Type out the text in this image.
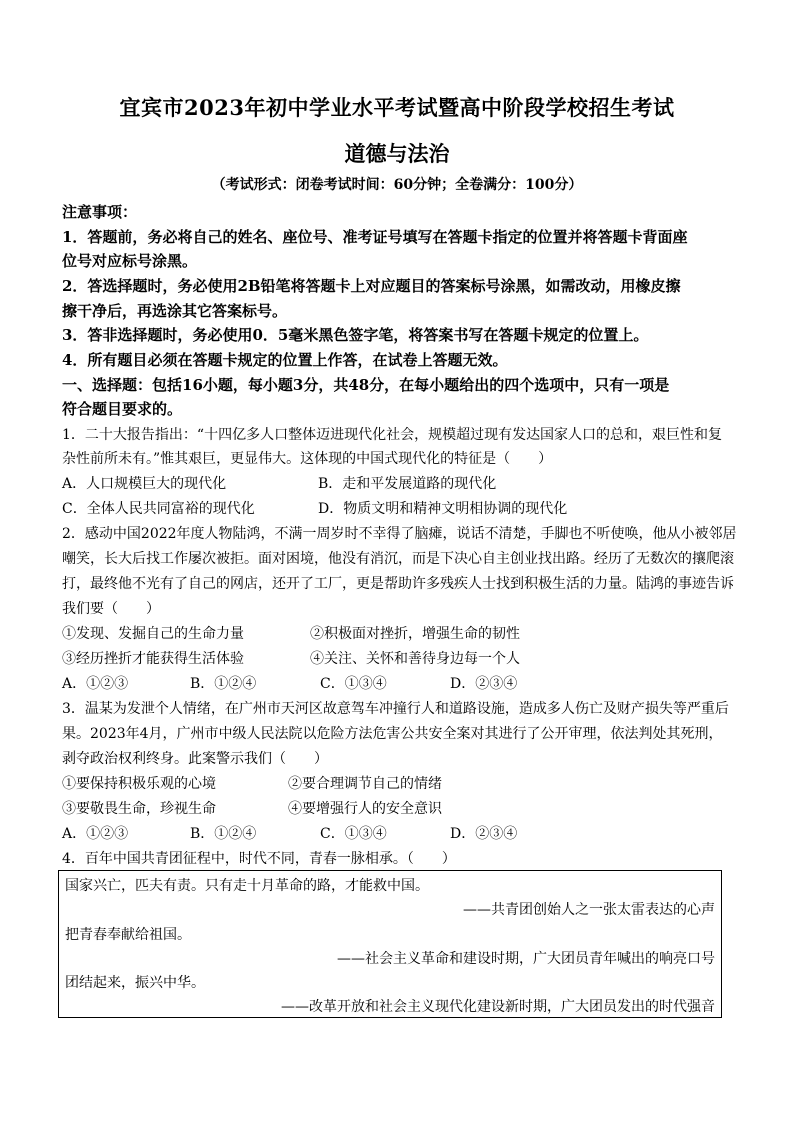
宜宾市2023年初中学业水平考试暨高中阶段学校招生考试
道德与法治
（考试形式：闭卷考试时间：60分钟；全卷满分：100分）
注意事项：
1．答题前，务必将自己的姓名、座位号、准考证号填写在答题卡指定的位置并将答题卡背面座
位号对应标号涂黑。
2．答选择题时，务必使用2B铅笔将答题卡上对应题目的答案标号涂黑，如需改动，用橡皮擦
擦干净后，再选涂其它答案标号。
3．答非选择题时，务必使用0．5毫米黑色签字笔，将答案书写在答题卡规定的位置上。
4．所有题目必须在答题卡规定的位置上作答，在试卷上答题无效。
一、选择题：包括16小题，每小题3分，共48分，在每小题给出的四个选项中，只有一项是
符合题目要求的。
1．二十大报告指出：“十四亿多人口整体迈进现代化社会，规模超过现有发达国家人口的总和，艰巨性和复
杂性前所未有。”惟其艰巨，更显伟大。这体现的中国式现代化的特征是（　　）
A．人口规模巨大的现代化	B．走和平发展道路的现代化
C．全体人民共同富裕的现代化	D．物质文明和精神文明相协调的现代化
2．感动中国2022年度人物陆鸿，不满一周岁时不幸得了脑瘫，说话不清楚，手脚也不听使唤，他从小被邻居
嘲笑，长大后找工作屡次被拒。面对困境，他没有消沉，而是下决心自主创业找出路。经历了无数次的攘爬滚
打，最终他不光有了自己的网店，还开了工厂，更是帮助许多残疾人士找到积极生活的力量。陆鸿的事迹告诉
我们要（　　）
①发现、发掘自己的生命力量	②积极面对挫折，增强生命的韧性
③经历挫折才能获得生活体验	④关注、关怀和善待身边每一个人
A．①②③	B．①②④	C．①③④	D．②③④
3．温某为发泄个人情绪，在广州市天河区故意驾车冲撞行人和道路设施，造成多人伤亡及财产损失等严重后
果。2023年4月，广州市中级人民法院以危险方法危害公共安全案对其进行了公开审理，依法判处其死刑，
剥夺政治权利终身。此案警示我们（　　）
①要保持积极乐观的心境	②要合理调节自己的情绪
③要敬畏生命，珍视生命	④要增强行人的安全意识
A．①②③	B．①②④	C．①③④	D．②③④
4．百年中国共青团征程中，时代不同，青春一脉相承。（　　）
国家兴亡，匹夫有责。只有走十月革命的路，才能救中国。
——共青团创始人之一张太雷表达的心声
把青春奉献给祖国。
——社会主义革命和建设时期，广大团员青年喊出的响亮口号
团结起来，振兴中华。
——改革开放和社会主义现代化建设新时期，广大团员发出的时代强音
